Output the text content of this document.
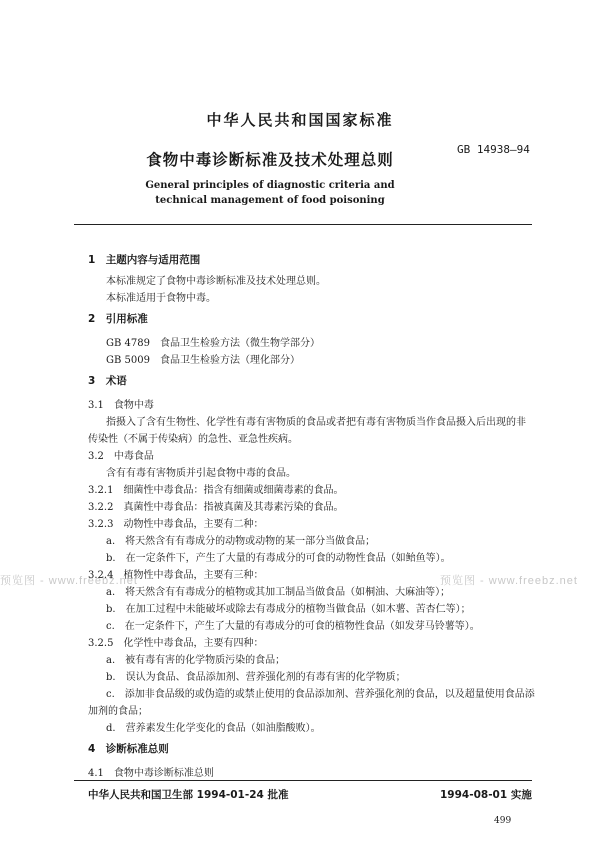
中华人民共和国国家标准
食物中毒诊断标准及技术处理总则
GB 14938—94
General principles of diagnostic criteria and
technical management of food poisoning
1　主题内容与适用范围
本标准规定了食物中毒诊断标准及技术处理总则。
本标准适用于食物中毒。
2　引用标准
GB 4789　食品卫生检验方法（微生物学部分）
GB 5009　食品卫生检验方法（理化部分）
3　术语
3.1　食物中毒
指摄入了含有生物性、化学性有毒有害物质的食品或者把有毒有害物质当作食品摄入后出现的非
传染性（不属于传染病）的急性、亚急性疾病。
3.2　中毒食品
含有有毒有害物质并引起食物中毒的食品。
3.2.1　细菌性中毒食品：指含有细菌或细菌毒素的食品。
3.2.2　真菌性中毒食品：指被真菌及其毒素污染的食品。
3.2.3　动物性中毒食品，主要有二种：
a.　将天然含有有毒成分的动物或动物的某一部分当做食品；
b.　在一定条件下，产生了大量的有毒成分的可食的动物性食品（如鲐鱼等）。
3.2.4　植物性中毒食品，主要有三种：
a.　将天然含有有毒成分的植物或其加工制品当做食品（如桐油、大麻油等）；
b.　在加工过程中未能破坏或除去有毒成分的植物当做食品（如木薯、苦杏仁等）；
c.　在一定条件下，产生了大量的有毒成分的可食的植物性食品（如发芽马铃薯等）。
3.2.5　化学性中毒食品，主要有四种：
a.　被有毒有害的化学物质污染的食品；
b.　误认为食品、食品添加剂、营养强化剂的有毒有害的化学物质；
c.　添加非食品级的或伪造的或禁止使用的食品添加剂、营养强化剂的食品，以及超量使用食品添
加剂的食品；
d.　营养素发生化学变化的食品（如油脂酸败）。
4　诊断标准总则
4.1　食物中毒诊断标准总则
预览图 - www.freebz.net	预览图 - www.freebz.net
中华人民共和国卫生部 1994-01-24 批准	1994-08-01 实施
499
